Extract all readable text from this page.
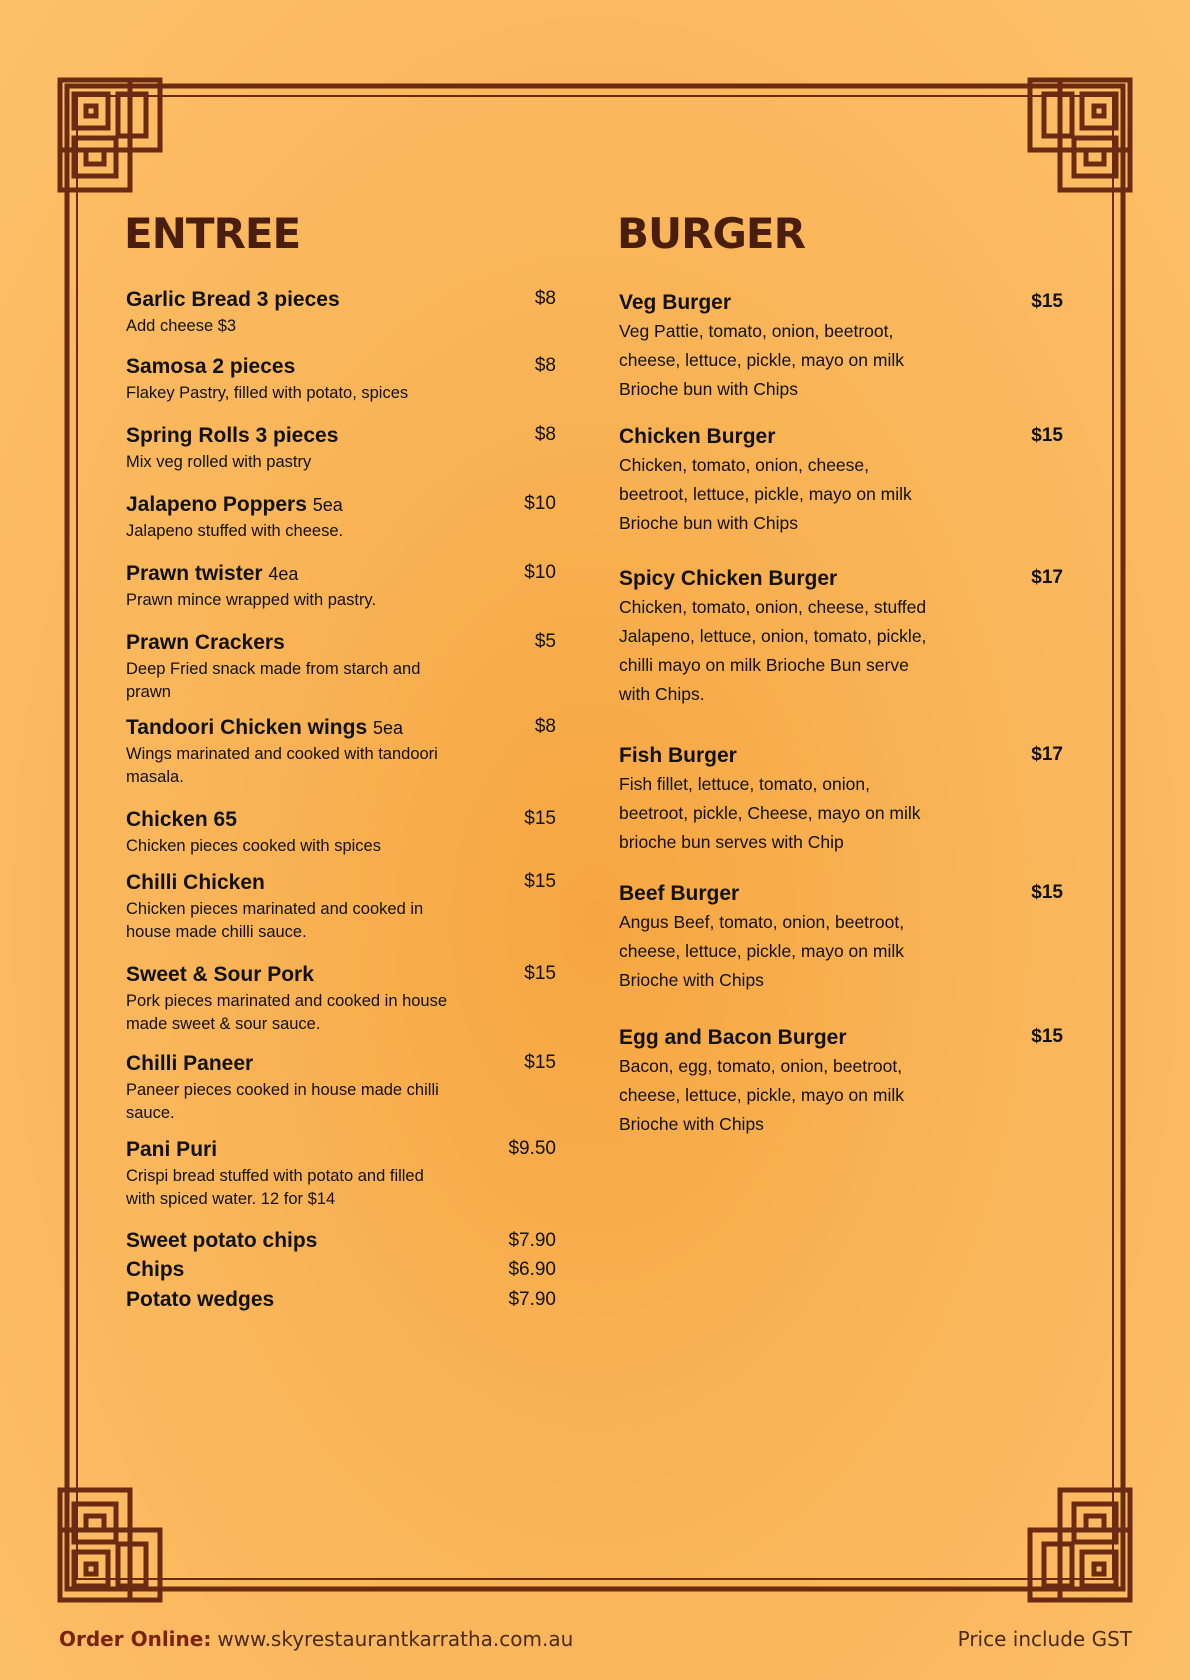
ENTREE
Garlic Bread 3 pieces	$8
Add cheese $3
Samosa 2 pieces	$8
Flakey Pastry, filled with potato, spices
Spring Rolls 3 pieces	$8
Mix veg rolled with pastry
Jalapeno Poppers 5ea	$10
Jalapeno stuffed with cheese.
Prawn twister 4ea	$10
Prawn mince wrapped with pastry.
Prawn Crackers	$5
Deep Fried snack made from starch and prawn
Tandoori Chicken wings 5ea	$8
Wings marinated and cooked with tandoori masala.
Chicken 65	$15
Chicken pieces cooked with spices
Chilli Chicken	$15
Chicken pieces marinated and cooked in house made chilli sauce.
Sweet & Sour Pork	$15
Pork pieces marinated and cooked in house made sweet & sour sauce.
Chilli Paneer	$15
Paneer pieces cooked in house made chilli sauce.
Pani Puri	$9.50
Crispi bread stuffed with potato and filled with spiced water. 12 for $14
Sweet potato chips	$7.90
Chips	$6.90
Potato wedges	$7.90
BURGER
Veg Burger	$15
Veg Pattie, tomato, onion, beetroot, cheese, lettuce, pickle, mayo on milk Brioche bun with Chips
Chicken Burger	$15
Chicken, tomato, onion, cheese, beetroot, lettuce, pickle, mayo on milk Brioche bun with Chips
Spicy Chicken Burger	$17
Chicken, tomato, onion, cheese, stuffed Jalapeno, lettuce, onion, tomato, pickle, chilli mayo on milk Brioche Bun serve with Chips.
Fish Burger	$17
Fish fillet, lettuce, tomato, onion, beetroot, pickle, Cheese, mayo on milk brioche bun serves with Chip
Beef Burger	$15
Angus Beef, tomato, onion, beetroot, cheese, lettuce, pickle, mayo on milk Brioche with Chips
Egg and Bacon Burger	$15
Bacon, egg, tomato, onion, beetroot, cheese, lettuce, pickle, mayo on milk Brioche with Chips
Order Online: www.skyrestaurantkarratha.com.au	Price include GST
